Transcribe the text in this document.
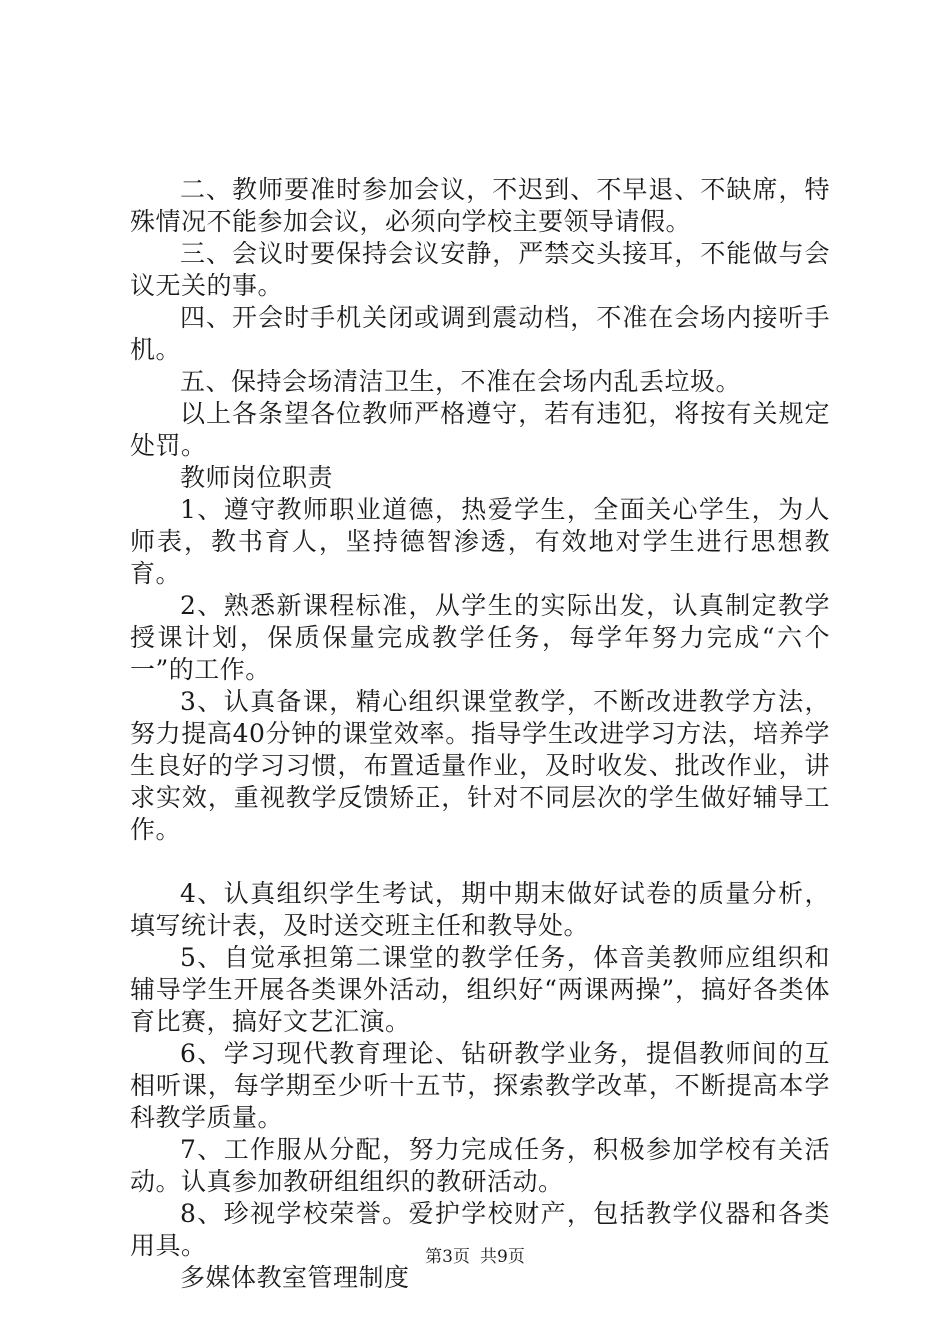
二、教师要准时参加会议，不迟到、不早退、不缺席，特殊情况不能参加会议，必须向学校主要领导请假。

三、会议时要保持会议安静，严禁交头接耳，不能做与会议无关的事。

四、开会时手机关闭或调到震动档，不准在会场内接听手机。

五、保持会场清洁卫生，不准在会场内乱丢垃圾。

以上各条望各位教师严格遵守，若有违犯，将按有关规定处罚。

教师岗位职责

1、遵守教师职业道德，热爱学生，全面关心学生，为人师表，教书育人，坚持德智渗透，有效地对学生进行思想教育。

2、熟悉新课程标准，从学生的实际出发，认真制定教学授课计划，保质保量完成教学任务，每学年努力完成“六个一”的工作。

3、认真备课，精心组织课堂教学，不断改进教学方法，努力提高40分钟的课堂效率。指导学生改进学习方法，培养学生良好的学习习惯，布置适量作业，及时收发、批改作业，讲求实效，重视教学反馈矫正，针对不同层次的学生做好辅导工作。

4、认真组织学生考试，期中期末做好试卷的质量分析，填写统计表，及时送交班主任和教导处。

5、自觉承担第二课堂的教学任务，体音美教师应组织和辅导学生开展各类课外活动，组织好“两课两操”，搞好各类体育比赛，搞好文艺汇演。

6、学习现代教育理论、钻研教学业务，提倡教师间的互相听课，每学期至少听十五节，探索教学改革，不断提高本学科教学质量。

7、工作服从分配，努力完成任务，积极参加学校有关活动。认真参加教研组组织的教研活动。

8、珍视学校荣誉。爱护学校财产，包括教学仪器和各类用具。

多媒体教室管理制度

第3页 共9页
